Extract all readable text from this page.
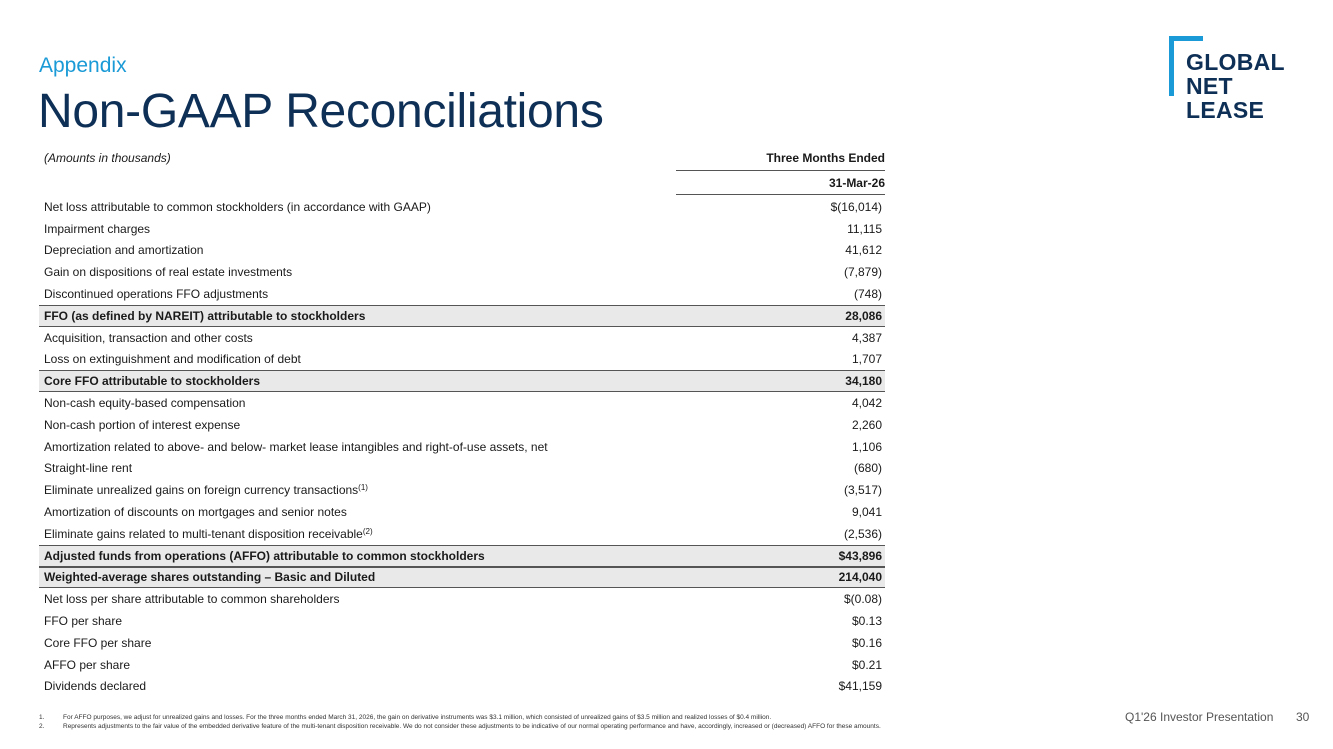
Appendix
Non-GAAP Reconciliations
GLOBAL
NET
LEASE
(Amounts in thousands)	Three Months Ended
31-Mar-26
Net loss attributable to common stockholders (in accordance with GAAP)	$(16,014)
Impairment charges	11,115
Depreciation and amortization	41,612
Gain on dispositions of real estate investments	(7,879)
Discontinued operations FFO adjustments	(748)
FFO (as defined by NAREIT) attributable to stockholders	28,086
Acquisition, transaction and other costs	4,387
Loss on extinguishment and modification of debt	1,707
Core FFO attributable to stockholders	34,180
Non-cash equity-based compensation	4,042
Non-cash portion of interest expense	2,260
Amortization related to above- and below- market lease intangibles and right-of-use assets, net	1,106
Straight-line rent	(680)
Eliminate unrealized gains on foreign currency transactions$^{(1)}$	(3,517)
Amortization of discounts on mortgages and senior notes	9,041
Eliminate gains related to multi-tenant disposition receivable$^{(2)}$	(2,536)
Adjusted funds from operations (AFFO) attributable to common stockholders	$43,896
Weighted-average shares outstanding – Basic and Diluted	214,040
Net loss per share attributable to common shareholders	$(0.08)
FFO per share	$0.13
Core FFO per share	$0.16
AFFO per share	$0.21
Dividends declared	$41,159
1.	For AFFO purposes, we adjust for unrealized gains and losses. For the three months ended March 31, 2026, the gain on derivative instruments was $3.1 million, which consisted of unrealized gains of $3.5 million and realized losses of $0.4 million.
2.	Represents adjustments to the fair value of the embedded derivative feature of the multi-tenant disposition receivable. We do not consider these adjustments to be indicative of our normal operating performance and have, accordingly, increased or (decreased) AFFO for these amounts.
Q1'26 Investor Presentation 30
